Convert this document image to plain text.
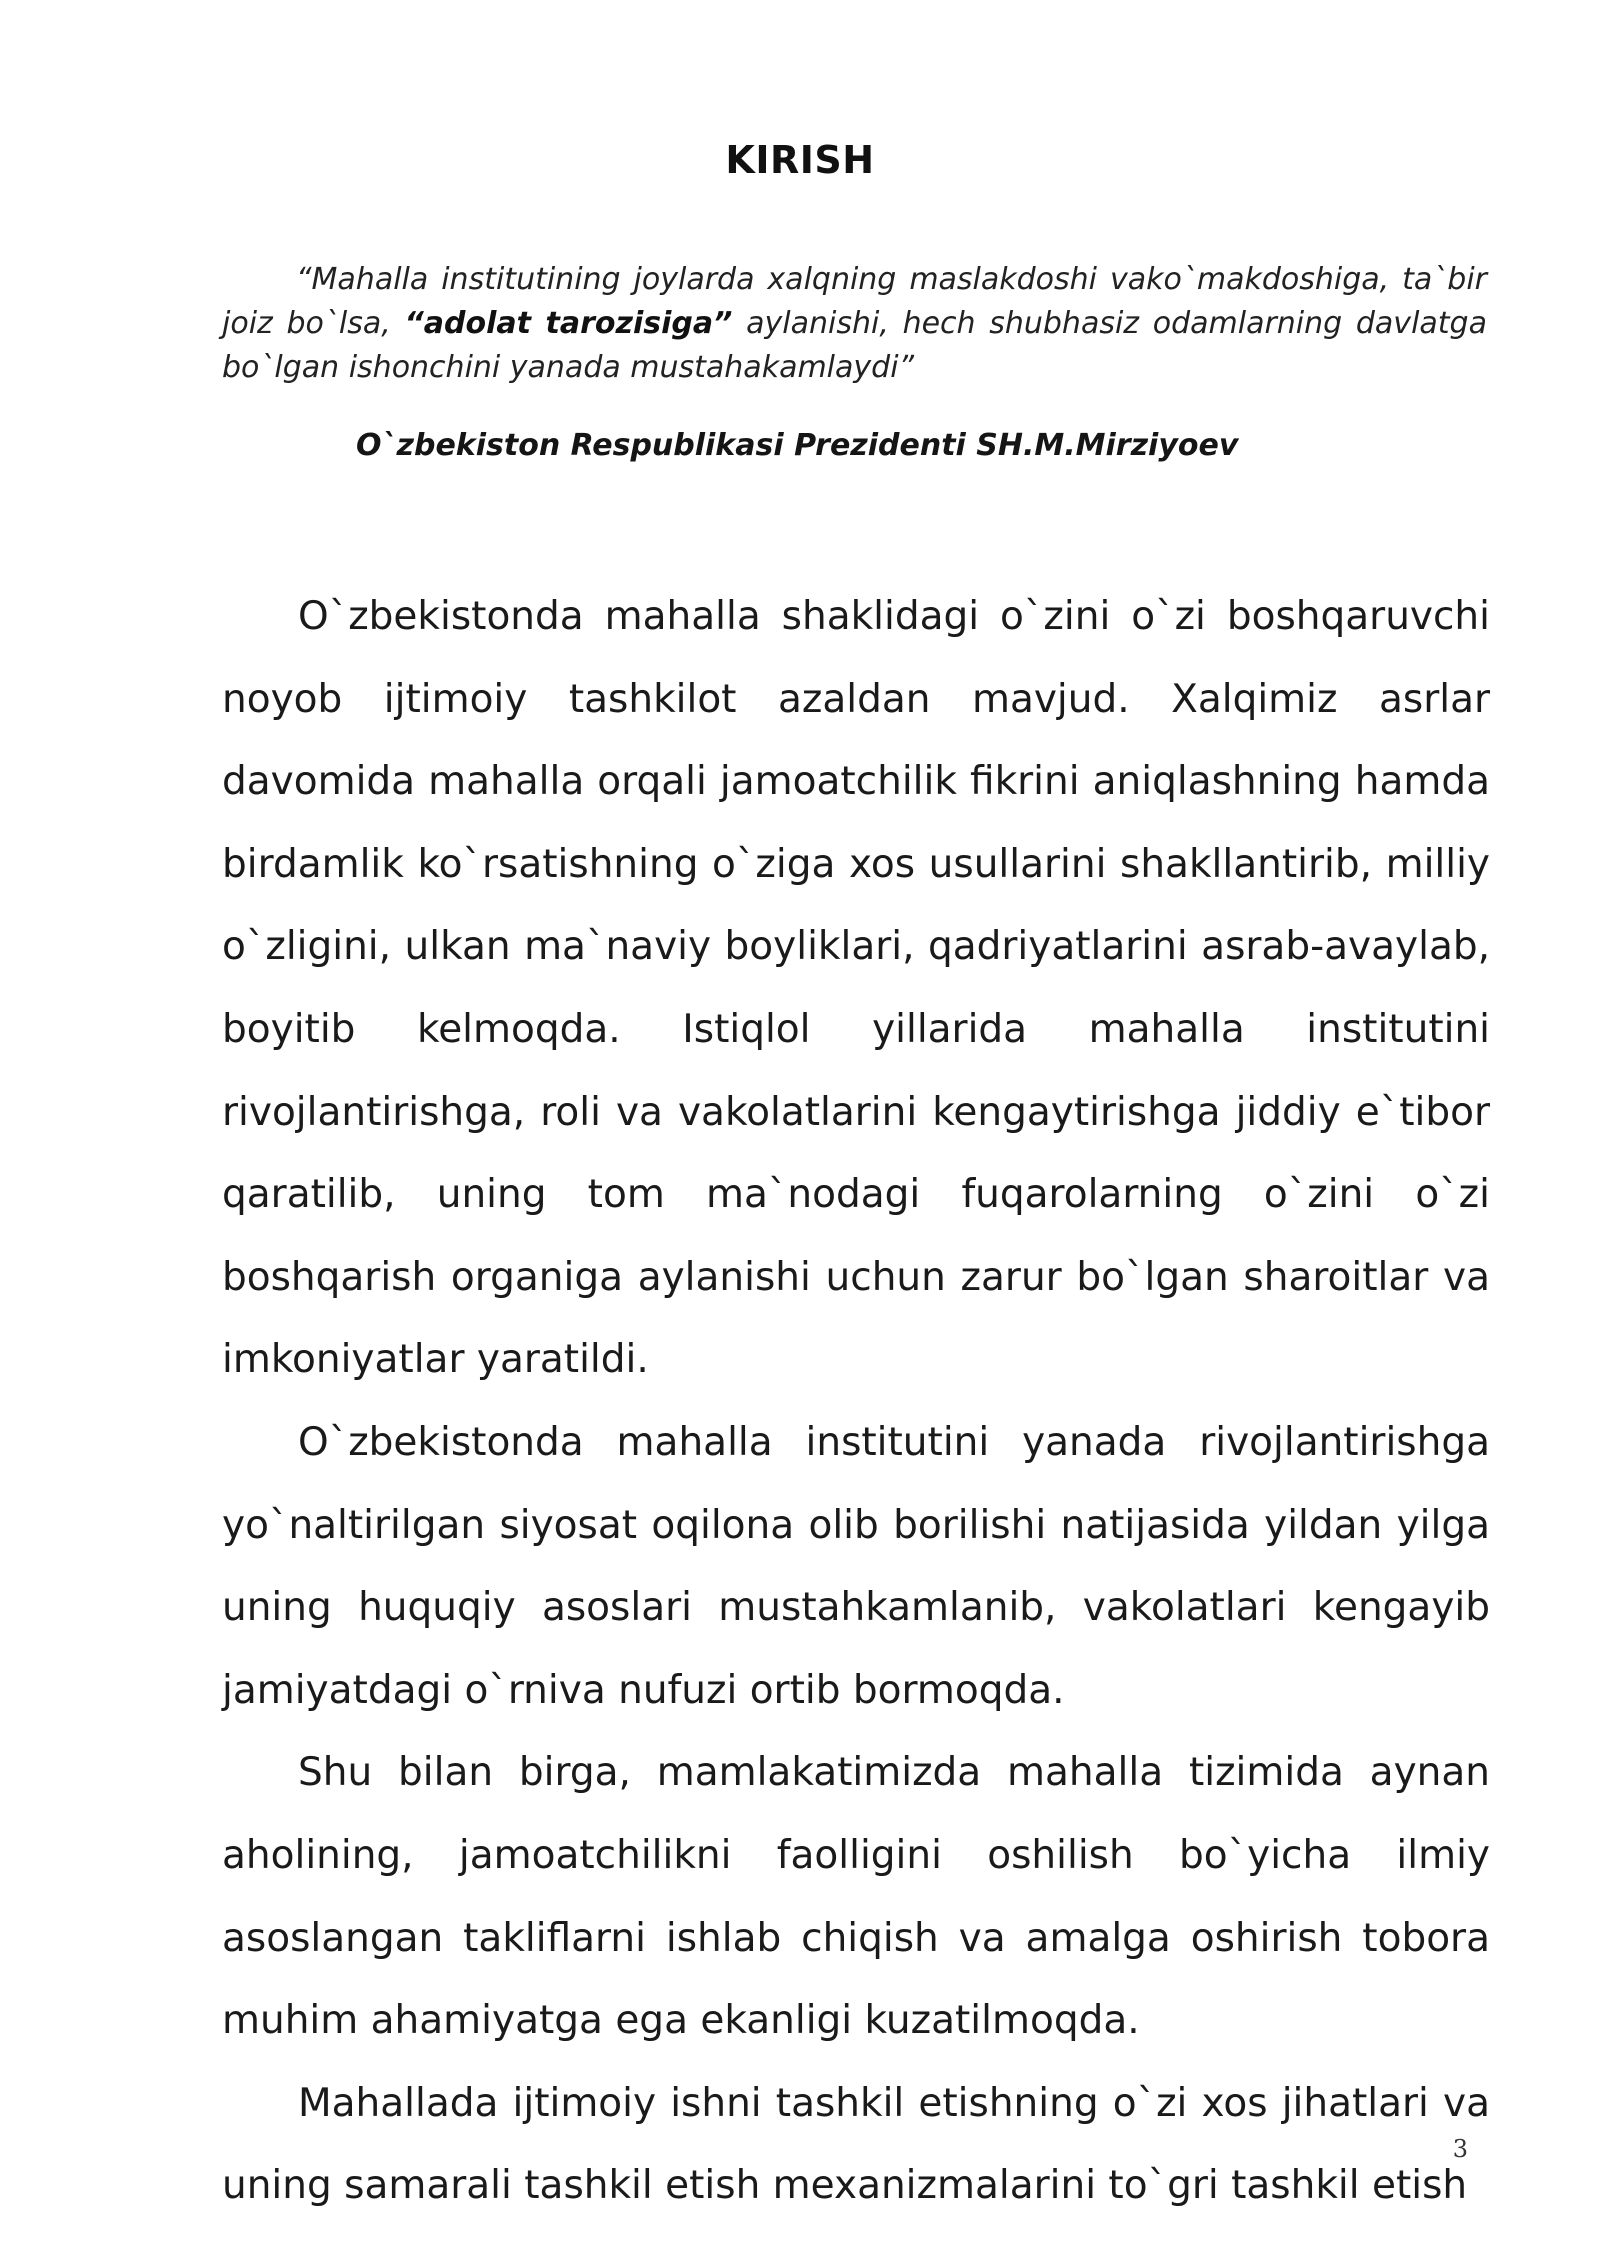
KIRISH

“Mahalla institutining joylarda xalqning maslakdoshi vako`makdoshiga, ta`bir joiz bo`lsa, “adolat tarozisiga” aylanishi, hech shubhasiz odamlarning davlatga bo`lgan ishonchini yanada mustahakamlaydi”

O`zbekiston Respublikasi Prezidenti SH.M.Mirziyoev

O`zbekistonda mahalla shaklidagi o`zini o`zi boshqaruvchi noyob ijtimoiy tashkilot azaldan mavjud. Xalqimiz asrlar davomida mahalla orqali jamoatchilik fikrini aniqlashning hamda birdamlik ko`rsatishning o`ziga xos usullarini shakllantirib, milliy o`zligini, ulkan ma`naviy boyliklari, qadriyatlarini asrab-avaylab, boyitib kelmoqda. Istiqlol yillarida mahalla institutini rivojlantirishga, roli va vakolatlarini kengaytirishga jiddiy e`tibor qaratilib, uning tom ma`nodagi fuqarolarning o`zini o`zi boshqarish organiga aylanishi uchun zarur bo`lgan sharoitlar va imkoniyatlar yaratildi.

O`zbekistonda mahalla institutini yanada rivojlantirishga yo`naltirilgan siyosat oqilona olib borilishi natijasida yildan yilga uning huquqiy asoslari mustahkamlanib, vakolatlari kengayib jamiyatdagi o`rniva nufuzi ortib bormoqda.

Shu bilan birga, mamlakatimizda mahalla tizimida aynan aholining, jamoatchilikni faolligini oshilish bo`yicha ilmiy asoslangan takliflarni ishlab chiqish va amalga oshirish tobora muhim ahamiyatga ega ekanligi kuzatilmoqda.

Mahallada ijtimoiy ishni tashkil etishning o`zi xos jihatlari va uning samarali tashkil etish mexanizmalarini to`gri tashkil etish

3
